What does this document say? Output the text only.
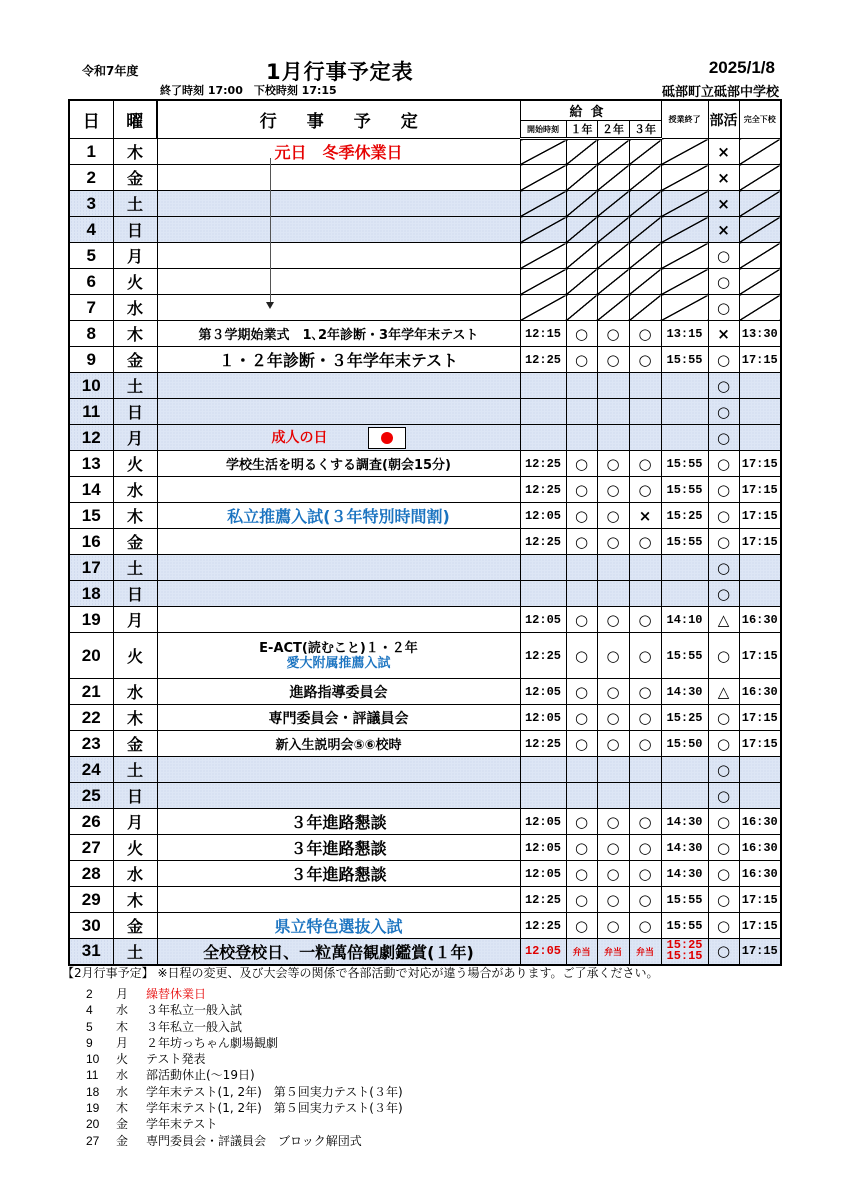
令和7年度	1月行事予定表	2025/1/8
終了時刻 17:00　下校時刻 17:15	砥部町立砥部中学校
日	曜	行事予定	給食				授業終了	部活	完全下校
			開始時刻	１年	２年	３年			
1	木	元日　冬季休業日						×	
2	金							×	
3	土							×	
4	日							×	
5	月							○	
6	火							○	
7	水							○	
8	木	第３学期始業式　1､2年診断・3年学年末テスト	12:15	○	○	○	13:15	×	13:30
9	金	１・２年診断・３年学年末テスト	12:25	○	○	○	15:55	○	17:15
10	土							○	
11	日							○	
12	月	成人の日						○	
13	火	学校生活を明るくする調査(朝会15分)	12:25	○	○	○	15:55	○	17:15
14	水		12:25	○	○	○	15:55	○	17:15
15	木	私立推薦入試(３年特別時間割)	12:05	○	○	×	15:25	○	17:15
16	金		12:25	○	○	○	15:55	○	17:15
17	土							○	
18	日							○	
19	月		12:05	○	○	○	14:10	△	16:30
20	火	E-ACT(読むこと)１・２年
愛大附属推薦入試	12:25	○	○	○	15:55	○	17:15
21	水	進路指導委員会	12:05	○	○	○	14:30	△	16:30
22	木	専門委員会・評議員会	12:05	○	○	○	15:25	○	17:15
23	金	新入生説明会⑤⑥校時	12:25	○	○	○	15:50	○	17:15
24	土							○	
25	日							○	
26	月	３年進路懇談	12:05	○	○	○	14:30	○	16:30
27	火	３年進路懇談	12:05	○	○	○	14:30	○	16:30
28	水	３年進路懇談	12:05	○	○	○	14:30	○	16:30
29	木		12:25	○	○	○	15:55	○	17:15
30	金	県立特色選抜入試	12:25	○	○	○	15:55	○	17:15
31	土	全校登校日、一粒萬倍観劇鑑賞(１年)	12:05	弁当	弁当	弁当	15:25
15:15	○	17:15
【2月行事予定】 ※日程の変更、及び大会等の関係で各部活動で対応が違う場合があります。ご了承ください。
2	月	繰替休業日
4	水	３年私立一般入試
5	木	３年私立一般入試
9	月	２年坊っちゃん劇場観劇
10	火	テスト発表
11	水	部活動休止(～19日)
18	水	学年末テスト(1, 2年)　第５回実力テスト(３年)
19	木	学年末テスト(1, 2年)　第５回実力テスト(３年)
20	金	学年末テスト
27	金	専門委員会・評議員会　ブロック解団式
